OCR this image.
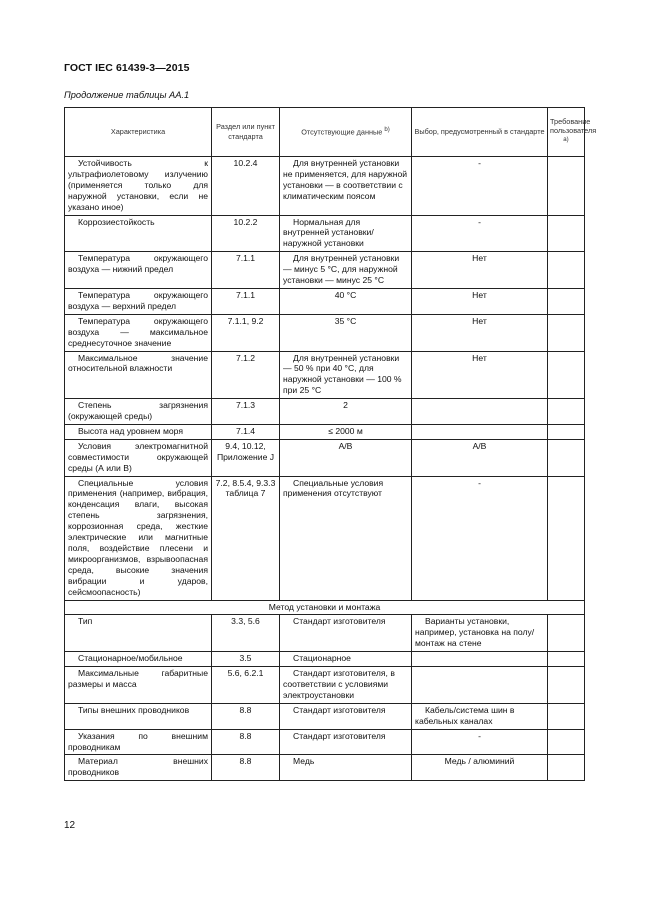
ГОСТ IEC 61439-3—2015
Продолжение таблицы АА.1
Характеристика	Раздел или пункт стандарта	Отсутствующие данные $^{b)}$	Выбор, предусмотренный в стандарте	Требование пользователя $^{a)}$
Устойчивость к ультрафиолетовому излучению (применяется только для наружной установки, если не указано иное)	10.2.4	Для внутренней установки не применяется, для наружной установки — в соответствии с климатическим поясом	-	
Коррозиестойкость	10.2.2	Нормальная для внутренней установки/наружной установки	-	
Температура окружающего воздуха — нижний предел	7.1.1	Для внутренней установки — минус 5 °С, для наружной установки — минус 25 °С	Нет	
Температура окружающего воздуха — верхний предел	7.1.1	40 °С	Нет	
Температура окружающего воздуха — максимальное среднесуточное значение	7.1.1, 9.2	35 °С	Нет	
Максимальное значение относительной влажности	7.1.2	Для внутренней установки — 50 % при 40 °С, для наружной установки — 100 % при 25 °С	Нет	
Степень загрязнения (окружающей среды)	7.1.3	2		
Высота над уровнем моря	7.1.4	≤ 2000 м		
Условия электромагнитной совместимости окружающей среды (А или В)	9.4, 10.12, Приложение J	A/B	A/B	
Специальные условия применения (например, вибрация, конденсация влаги, высокая степень загрязнения, коррозионная среда, жесткие электрические или магнитные поля, воздействие плесени и микроорганизмов, взрывоопасная среда, высокие значения вибрации и ударов, сейсмоопасность)	7.2, 8.5.4, 9.3.3 таблица 7	Специальные условия применения отсутствуют	-	
Метод установки и монтажа				
Тип	3.3, 5.6	Стандарт изготовителя	Варианты установки, например, установка на полу/монтаж на стене	
Стационарное/мобильное	3.5	Стационарное		
Максимальные габаритные размеры и масса	5.6, 6.2.1	Стандарт изготовителя, в соответствии с условиями электроустановки		
Типы внешних проводников	8.8	Стандарт изготовителя	Кабель/система шин в кабельных каналах	
Указания по внешним проводникам	8.8	Стандарт изготовителя	-	
Материал внешних проводников	8.8	Медь	Медь / алюминий	
12
